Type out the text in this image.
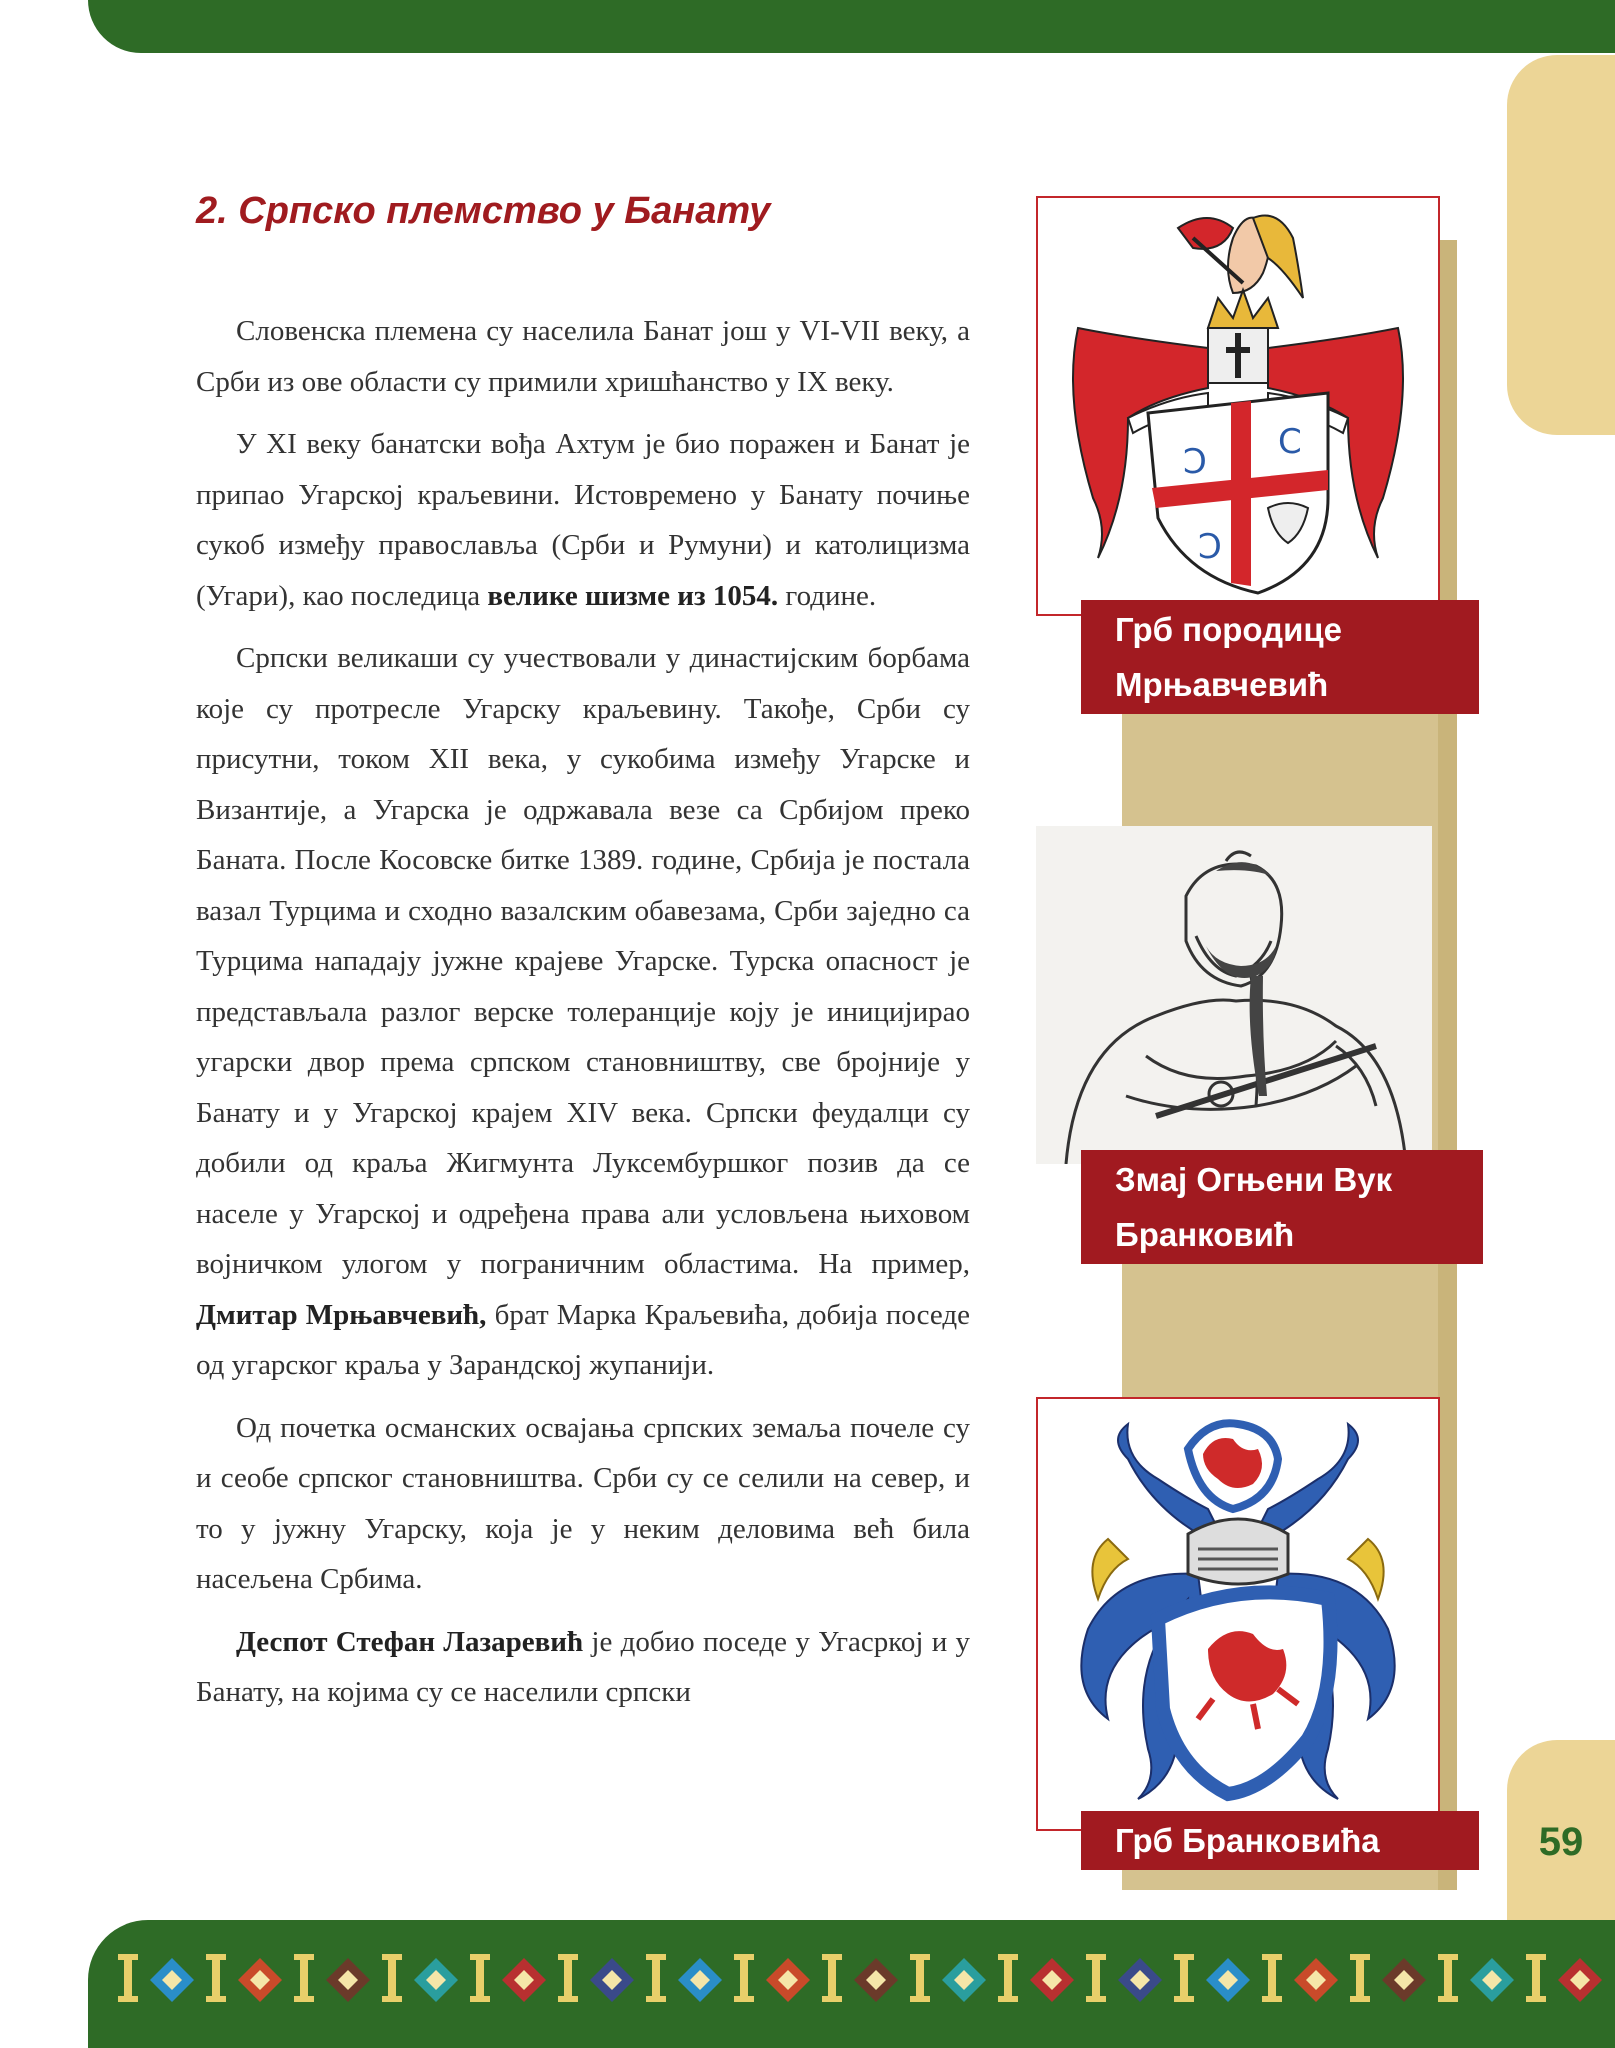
2. Српско племство у Банату

Словенска племена су населила Банат још у VI-VII веку, а Срби из ове области су примили хришћанство у IX веку.

У XI веку банатски вођа Ахтум је био поражен и Банат је припао Угарској краљевини. Истовремено у Банату почиње сукоб између православља (Срби и Румуни) и католицизма (Угари), као последица велике шизме из 1054. године.

Српски великаши су учествовали у династијским борбама које су протресле Угарску краљевину. Такође, Срби су присутни, током XII века, у сукобима између Угарске и Византије, а Угарска је одржавала везе са Србијом преко Баната. После Косовске битке 1389. године, Србија је постала вазал Турцима и сходно вазалским обавезама, Срби заједно са Турцима нападају јужне крајеве Угарске. Турска опасност је представљала разлог верске толеранције коју је иницијирао угарски двор према српском становништву, све бројније у Банату и у Угарској крајем XIV века. Српски феудалци су добили од краља Жигмунта Луксембуршког позив да се населе у Угарској и одређена права али условљена њиховом војничком улогом у пограничним областима. На пример, Дмитар Мрњавчевић, брат Марка Краљевића, добија поседе од угарског краља у Зарандској жупанији.

Од почетка османских освајања српских земаља почеле су и сеобе српског становништва. Срби су се селили на север, и то у јужну Угарску, која је у неким деловима већ била насељена Србима.

Деспот Стефан Лазаревић је добио поседе у Угасркој и у Банату, на којима су се населили српски

Ↄ C
Ↄ
Грб породице
Мрњавчевић
Змај Огњени Вук
Бранковић
Грб Бранковића	59
